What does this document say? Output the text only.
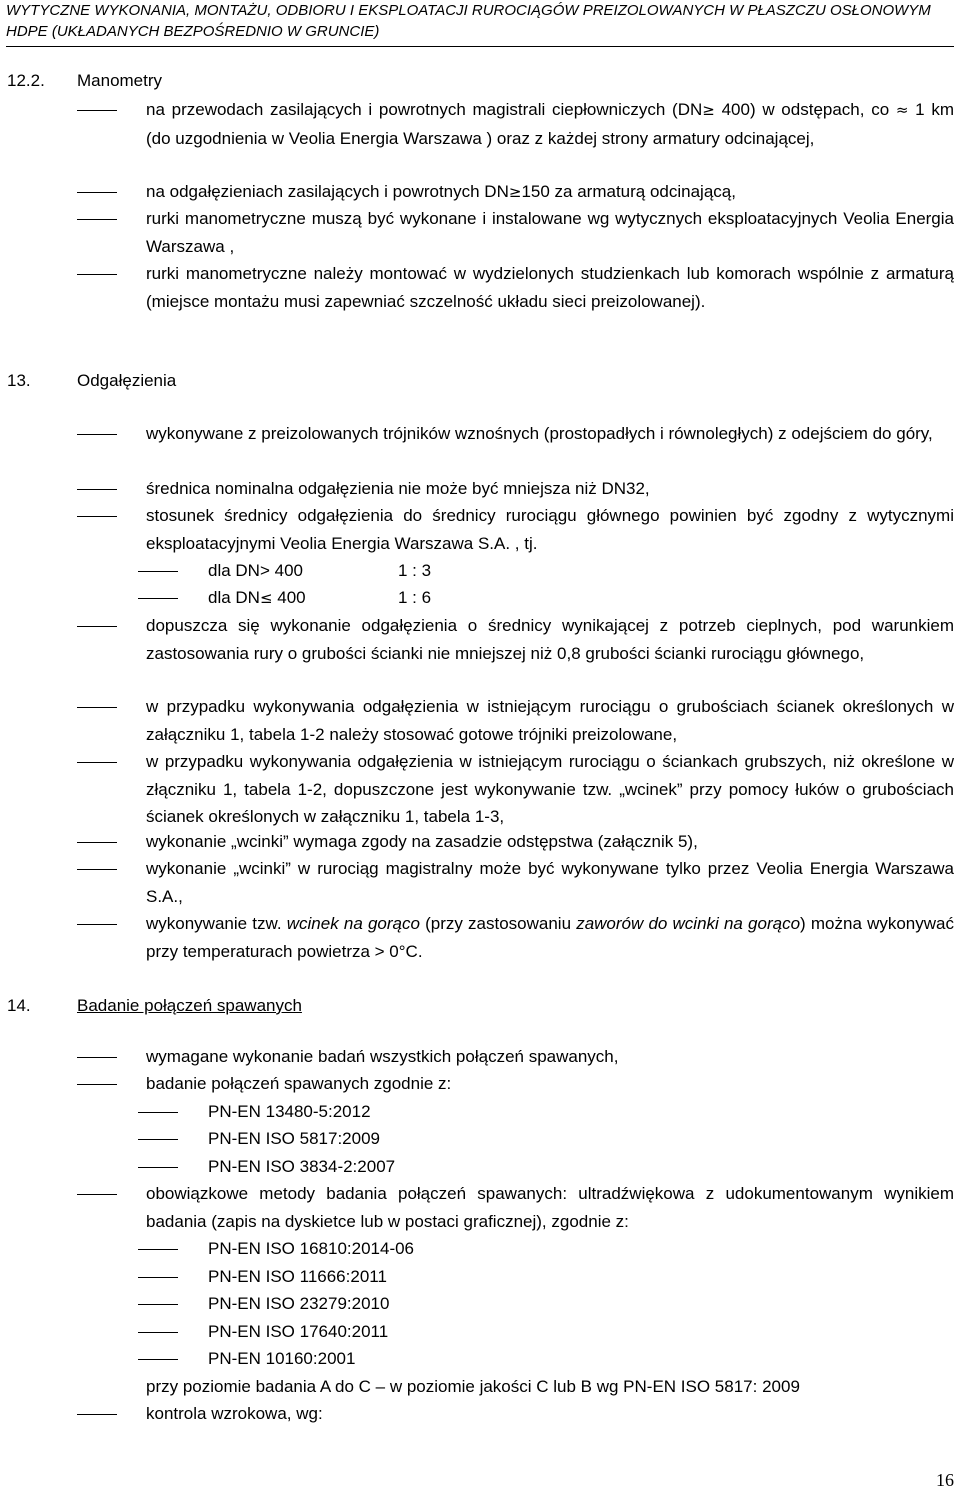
WYTYCZNE WYKONANIA, MONTAŻU, ODBIORU I EKSPLOATACJI RUROCIĄGÓW PREIZOLOWANYCH W PŁASZCZU OSŁONOWYM
HDPE (UKŁADANYCH BEZPOŚREDNIO W GRUNCIE)
12.2. Manometry
na przewodach zasilających i powrotnych magistrali ciepłowniczych (DN≥ 400) w odstępach, co ≈ 1 km (do uzgodnienia w Veolia Energia Warszawa ) oraz z każdej strony armatury odcinającej,
na odgałęzieniach zasilających i powrotnych DN≥150 za armaturą odcinającą,
rurki manometryczne muszą być wykonane i instalowane wg wytycznych eksploatacyjnych Veolia Energia Warszawa ,
rurki manometryczne należy montować w wydzielonych studzienkach lub komorach wspólnie z armaturą (miejsce montażu musi zapewniać szczelność układu sieci preizolowanej).
13.	Odgałęzienia
wykonywane z preizolowanych trójników wznośnych (prostopadłych i równoległych) z odejściem do góry,
średnica nominalna odgałęzienia nie może być mniejsza niż DN32,
stosunek średnicy odgałęzienia do średnicy rurociągu głównego powinien być zgodny z wytycznymi eksploatacyjnymi Veolia Energia Warszawa S.A. , tj.
dla DN> 400	1 : 3
dla DN≤ 400	1 : 6
dopuszcza się wykonanie odgałęzienia o średnicy wynikającej z potrzeb cieplnych, pod warunkiem zastosowania rury o grubości ścianki nie mniejszej niż 0,8 grubości ścianki rurociągu głównego,
w przypadku wykonywania odgałęzienia w istniejącym rurociągu o grubościach ścianek określonych w załączniku 1, tabela 1-2 należy stosować gotowe trójniki preizolowane,
w przypadku wykonywania odgałęzienia w istniejącym rurociągu o ściankach grubszych, niż określone w złączniku 1, tabela 1-2, dopuszczone jest wykonywanie tzw. „wcinek” przy pomocy łuków o grubościach ścianek określonych w załączniku 1, tabela 1-3,
wykonanie „wcinki” wymaga zgody na zasadzie odstępstwa (załącznik 5),
wykonanie „wcinki” w rurociąg magistralny może być wykonywane tylko przez Veolia Energia Warszawa S.A.,
wykonywanie tzw. wcinek na gorąco (przy zastosowaniu zaworów do wcinki na gorąco) można wykonywać przy temperaturach powietrza > 0°C.
14.	Badanie połączeń spawanych
wymagane wykonanie badań wszystkich połączeń spawanych,
badanie połączeń spawanych zgodnie z:
PN-EN 13480-5:2012
PN-EN ISO 5817:2009
PN-EN ISO 3834-2:2007
obowiązkowe metody badania połączeń spawanych: ultradźwiękowa z udokumentowanym wynikiem badania (zapis na dyskietce lub w postaci graficznej), zgodnie z:
PN-EN ISO 16810:2014-06
PN-EN ISO 11666:2011
PN-EN ISO 23279:2010
PN-EN ISO 17640:2011
PN-EN 10160:2001
przy poziomie badania A do C – w poziomie jakości C lub B wg PN-EN ISO 5817: 2009
kontrola wzrokowa, wg:
16
